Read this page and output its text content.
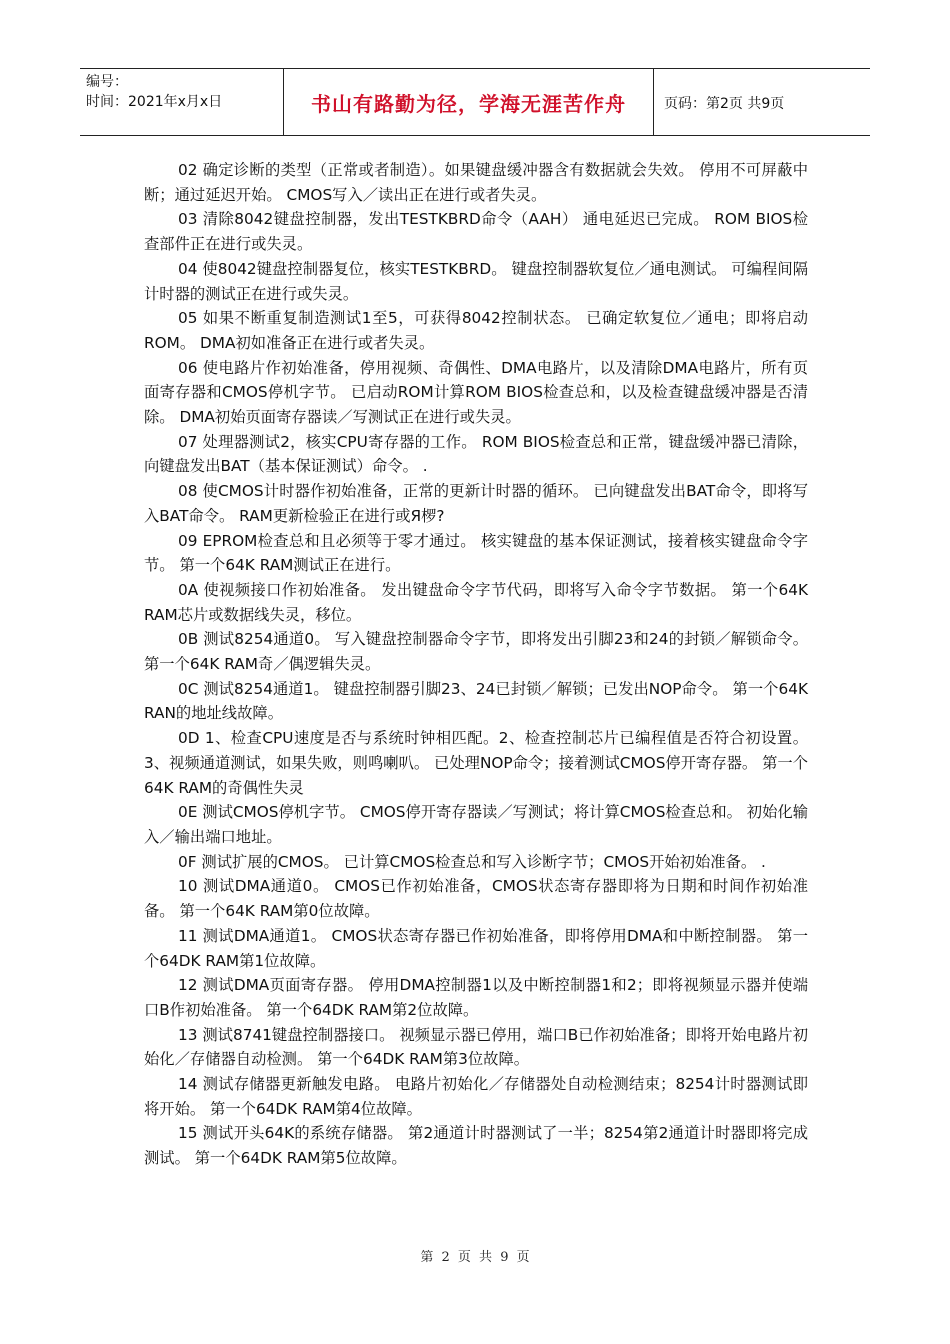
编号：
时间：2021年x月x日	书山有路勤为径，学海无涯苦作舟	页码：第2页 共9页

02 确定诊断的类型（正常或者制造）。如果键盘缓冲器含有数据就会失效。 停用不可屏蔽中断；通过延迟开始。 CMOS写入／读出正在进行或者失灵。

03 清除8042键盘控制器，发出TESTKBRD命令（AAH） 通电延迟已完成。 ROM BIOS检查部件正在进行或失灵。

04 使8042键盘控制器复位，核实TESTKBRD。 键盘控制器软复位／通电测试。 可编程间隔计时器的测试正在进行或失灵。

05 如果不断重复制造测试1至5，可获得8042控制状态。 已确定软复位／通电；即将启动ROM。 DMA初如准备正在进行或者失灵。

06 使电路片作初始准备，停用视频、奇偶性、DMA电路片，以及清除DMA电路片，所有页面寄存器和CMOS停机字节。 已启动ROM计算ROM BIOS检查总和，以及检查键盘缓冲器是否清除。 DMA初始页面寄存器读／写测试正在进行或失灵。

07 处理器测试2，核实CPU寄存器的工作。 ROM BIOS检查总和正常，键盘缓冲器已清除，向键盘发出BAT（基本保证测试）命令。 .

08 使CMOS计时器作初始准备，正常的更新计时器的循环。 已向键盘发出BAT命令，即将写入BAT命令。 RAM更新检验正在进行或Я椤?

09 EPROM检查总和且必须等于零才通过。 核实键盘的基本保证测试，接着核实键盘命令字节。 第一个64K RAM测试正在进行。

0A 使视频接口作初始准备。 发出键盘命令字节代码，即将写入命令字节数据。 第一个64K RAM芯片或数据线失灵，移位。

0B 测试8254通道0。 写入键盘控制器命令字节，即将发出引脚23和24的封锁／解锁命令。 第一个64K RAM奇／偶逻辑失灵。

0C 测试8254通道1。 键盘控制器引脚23、24已封锁／解锁；已发出NOP命令。 第一个64K RAN的地址线故障。

0D 1、检查CPU速度是否与系统时钟相匹配。2、检查控制芯片已编程值是否符合初设置。3、视频通道测试，如果失败，则鸣喇叭。 已处理NOP命令；接着测试CMOS停开寄存器。 第一个64K RAM的奇偶性失灵

0E 测试CMOS停机字节。 CMOS停开寄存器读／写测试；将计算CMOS检查总和。 初始化输入／输出端口地址。

0F 测试扩展的CMOS。 已计算CMOS检查总和写入诊断字节；CMOS开始初始准备。 .

10 测试DMA通道0。 CMOS已作初始准备，CMOS状态寄存器即将为日期和时间作初始准备。 第一个64K RAM第0位故障。

11 测试DMA通道1。 CMOS状态寄存器已作初始准备，即将停用DMA和中断控制器。 第一个64DK RAM第1位故障。

12 测试DMA页面寄存器。 停用DMA控制器1以及中断控制器1和2；即将视频显示器并使端口B作初始准备。 第一个64DK RAM第2位故障。

13 测试8741键盘控制器接口。 视频显示器已停用，端口B已作初始准备；即将开始电路片初始化／存储器自动检测。 第一个64DK RAM第3位故障。

14 测试存储器更新触发电路。 电路片初始化／存储器处自动检测结束；8254计时器测试即将开始。 第一个64DK RAM第4位故障。

15 测试开头64K的系统存储器。 第2通道计时器测试了一半；8254第2通道计时器即将完成测试。 第一个64DK RAM第5位故障。

第 2 页 共 9 页
